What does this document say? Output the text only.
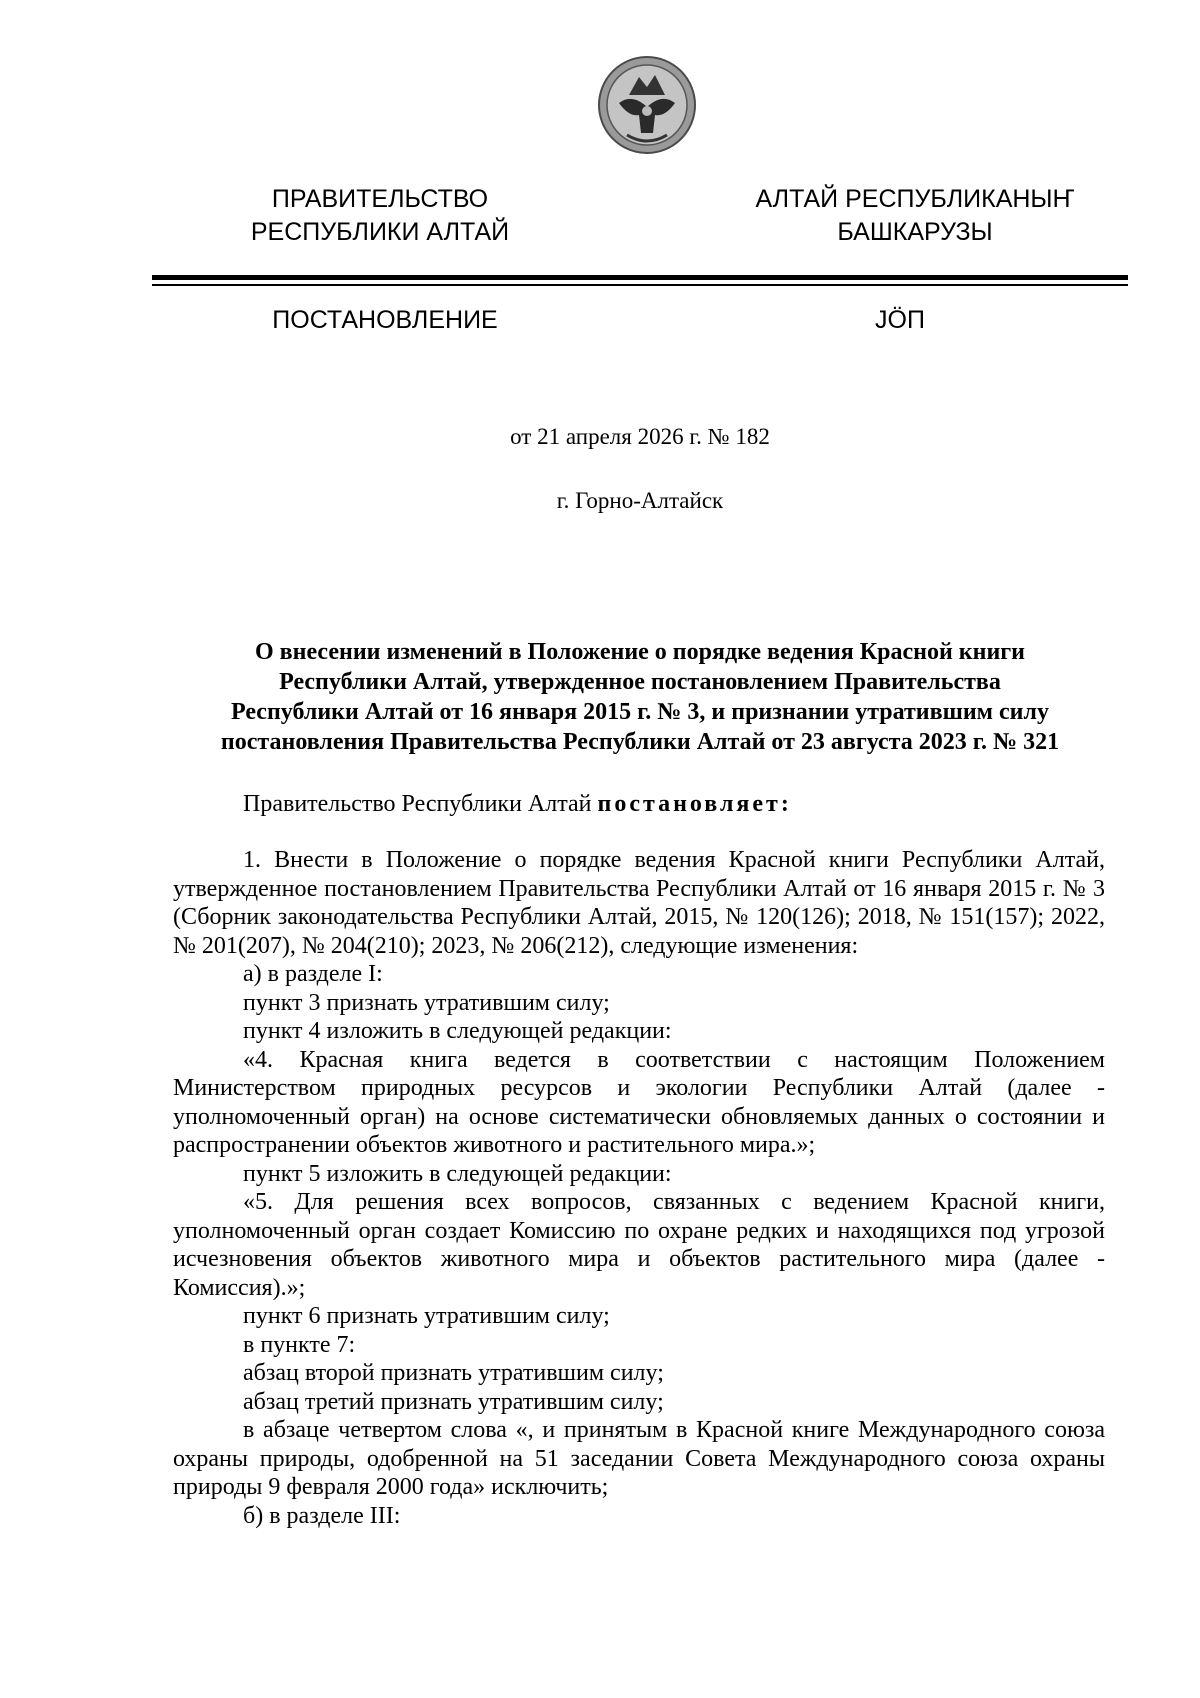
ПРАВИТЕЛЬСТВО
РЕСПУБЛИКИ АЛТАЙ
АЛТАЙ РЕСПУБЛИКАНЫҤ
БАШКАРУЗЫ
ПОСТАНОВЛЕНИЕ	JӦП
от 21 апреля 2026 г. № 182
г. Горно-Алтайск
О внесении изменений в Положение о порядке ведения Красной книги
Республики Алтай, утвержденное постановлением Правительства
Республики Алтай от 16 января 2015 г. № 3, и признании утратившим силу
постановления Правительства Республики Алтай от 23 августа 2023 г. № 321
Правительство Республики Алтай постановляет:

1. Внести в Положение о порядке ведения Красной книги Республики Алтай, утвержденное постановлением Правительства Республики Алтай от 16 января 2015 г. № 3 (Сборник законодательства Республики Алтай, 2015, № 120(126); 2018, № 151(157); 2022, № 201(207), № 204(210); 2023, № 206(212), следующие изменения:

а) в разделе I:

пункт 3 признать утратившим силу;

пункт 4 изложить в следующей редакции:

«4. Красная книга ведется в соответствии с настоящим Положением Министерством природных ресурсов и экологии Республики Алтай (далее - уполномоченный орган) на основе систематически обновляемых данных о состоянии и распространении объектов животного и растительного мира.»;

пункт 5 изложить в следующей редакции:

«5. Для решения всех вопросов, связанных с ведением Красной книги, уполномоченный орган создает Комиссию по охране редких и находящихся под угрозой исчезновения объектов животного мира и объектов растительного мира (далее - Комиссия).»;

пункт 6 признать утратившим силу;

в пункте 7:

абзац второй признать утратившим силу;

абзац третий признать утратившим силу;

в абзаце четвертом слова «, и принятым в Красной книге Международного союза охраны природы, одобренной на 51 заседании Совета Международного союза охраны природы 9 февраля 2000 года» исключить;

б) в разделе III:
